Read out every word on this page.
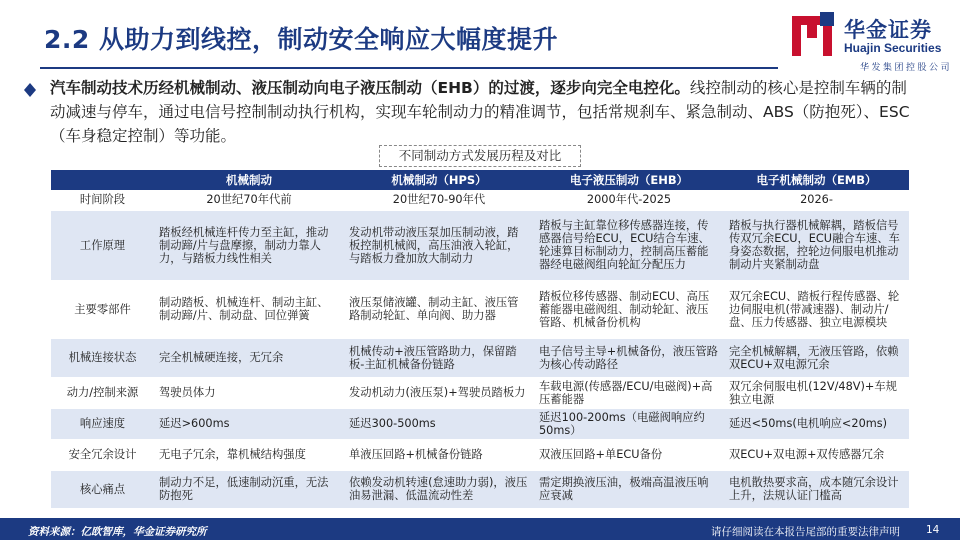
2.2 从助力到线控，制动安全响应大幅度提升	华金证券
Huajin Securities
华发集团控股公司

汽车制动技术历经机械制动、液压制动向电子液压制动（EHB）的过渡，逐步向完全电控化。线控制动的核心是控制车辆的制动减速与停车，通过电信号控制制动执行机构，实现车轮制动力的精准调节，包括常规刹车、紧急制动、ABS（防抱死）、ESC（车身稳定控制）等功能。

不同制动方式发展历程及对比
	机械制动	机械制动（HPS）	电子液压制动（EHB）	电子机械制动（EMB）
时间阶段	20世纪70年代前	20世纪70-90年代	2000年代-2025	2026-
工作原理	踏板经机械连杆传力至主缸，推动制动蹄/片与盘摩擦，制动力靠人力，与踏板力线性相关	发动机带动液压泵加压制动液，踏板控制机械阀，高压油液入轮缸，与踏板力叠加放大制动力	踏板与主缸靠位移传感器连接，传感器信号给ECU，ECU结合车速、轮速算目标制动力，控制高压蓄能器经电磁阀组向轮缸分配压力	踏板与执行器机械解耦，踏板信号传双冗余ECU，ECU融合车速、车身姿态数据，控轮边伺服电机推动制动片夹紧制动盘
主要零部件	制动踏板、机械连杆、制动主缸、制动蹄/片、制动盘、回位弹簧	液压泵储液罐、制动主缸、液压管路制动轮缸、单向阀、助力器	踏板位移传感器、制动ECU、高压蓄能器电磁阀组、制动轮缸、液压管路、机械备份机构	双冗余ECU、踏板行程传感器、轮边伺服电机(带减速器)、制动片/盘、压力传感器、独立电源模块
机械连接状态	完全机械硬连接，无冗余	机械传动+液压管路助力，保留踏板-主缸机械备份链路	电子信号主导+机械备份，液压管路为核心传动路径	完全机械解耦，无液压管路，依赖双ECU+双电源冗余
动力/控制来源	驾驶员体力	发动机动力(液压泵)+驾驶员踏板力	车载电源(传感器/ECU/电磁阀)+高压蓄能器	双冗余伺服电机(12V/48V)+车规独立电源
响应速度	延迟>600ms	延迟300-500ms	延迟100-200ms（电磁阀响应约50ms）	延迟<50ms(电机响应<20ms)
安全冗余设计	无电子冗余，靠机械结构强度	单液压回路+机械备份链路	双液压回路+单ECU备份	双ECU+双电源+双传感器冗余
核心痛点	制动力不足，低速制动沉重，无法防抱死	依赖发动机转速(怠速助力弱)，液压油易泄漏、低温流动性差	需定期换液压油，极端高温液压响应衰减	电机散热要求高，成本随冗余设计上升，法规认证门槛高
资料来源：亿欧智库，华金证券研究所	请仔细阅读在本报告尾部的重要法律声明 14
